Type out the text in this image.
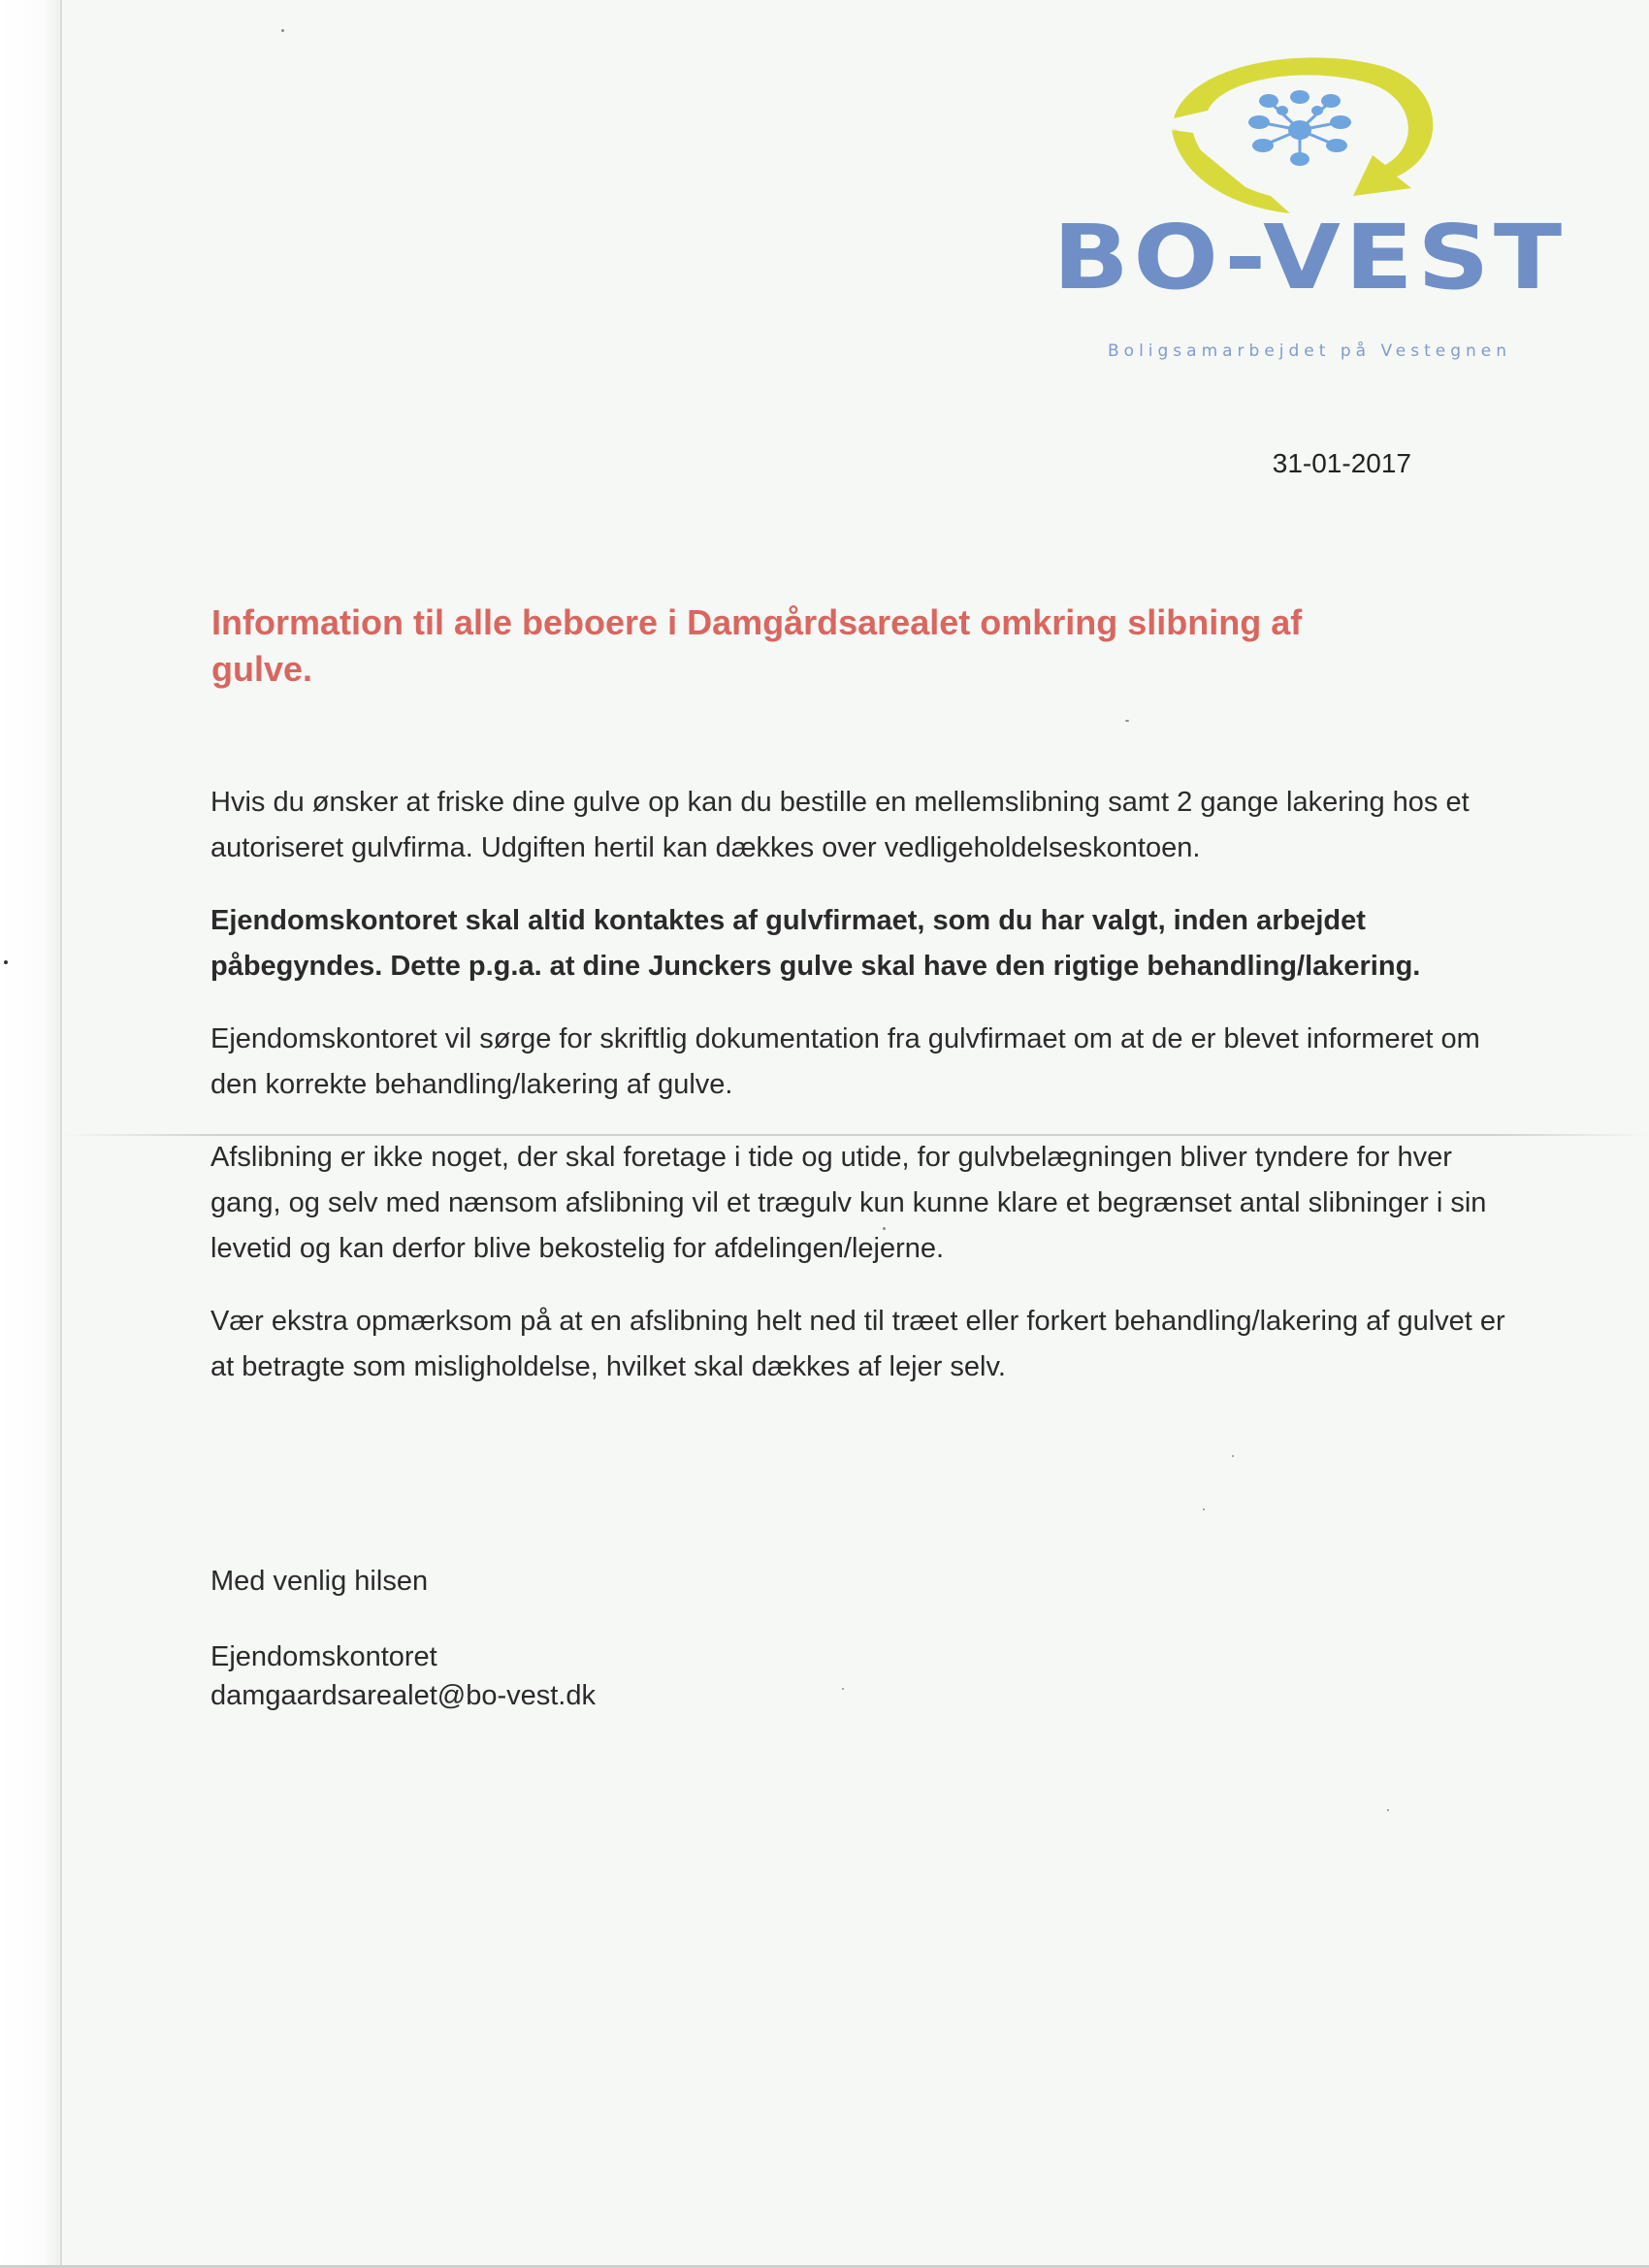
BO-VEST
Boligsamarbejdet på Vestegnen
31-01-2017
Information til alle beboere i Damgårdsarealet omkring slibning af gulve.

Hvis du ønsker at friske dine gulve op kan du bestille en mellemslibning samt 2 gange lakering hos et autoriseret gulvfirma. Udgiften hertil kan dækkes over vedligeholdelseskontoen.

Ejendomskontoret skal altid kontaktes af gulvfirmaet, som du har valgt, inden arbejdet påbegyndes. Dette p.g.a. at dine Junckers gulve skal have den rigtige behandling/lakering.

Ejendomskontoret vil sørge for skriftlig dokumentation fra gulvfirmaet om at de er blevet informeret om den korrekte behandling/lakering af gulve.

Afslibning er ikke noget, der skal foretage i tide og utide, for gulvbelægningen bliver tyndere for hver gang, og selv med nænsom afslibning vil et trægulv kun kunne klare et begrænset antal slibninger i sin levetid og kan derfor blive bekostelig for afdelingen/lejerne.

Vær ekstra opmærksom på at en afslibning helt ned til træet eller forkert behandling/lakering af gulvet er at betragte som misligholdelse, hvilket skal dækkes af lejer selv.

Med venlig hilsen
Ejendomskontoret
damgaardsarealet@bo-vest.dk
